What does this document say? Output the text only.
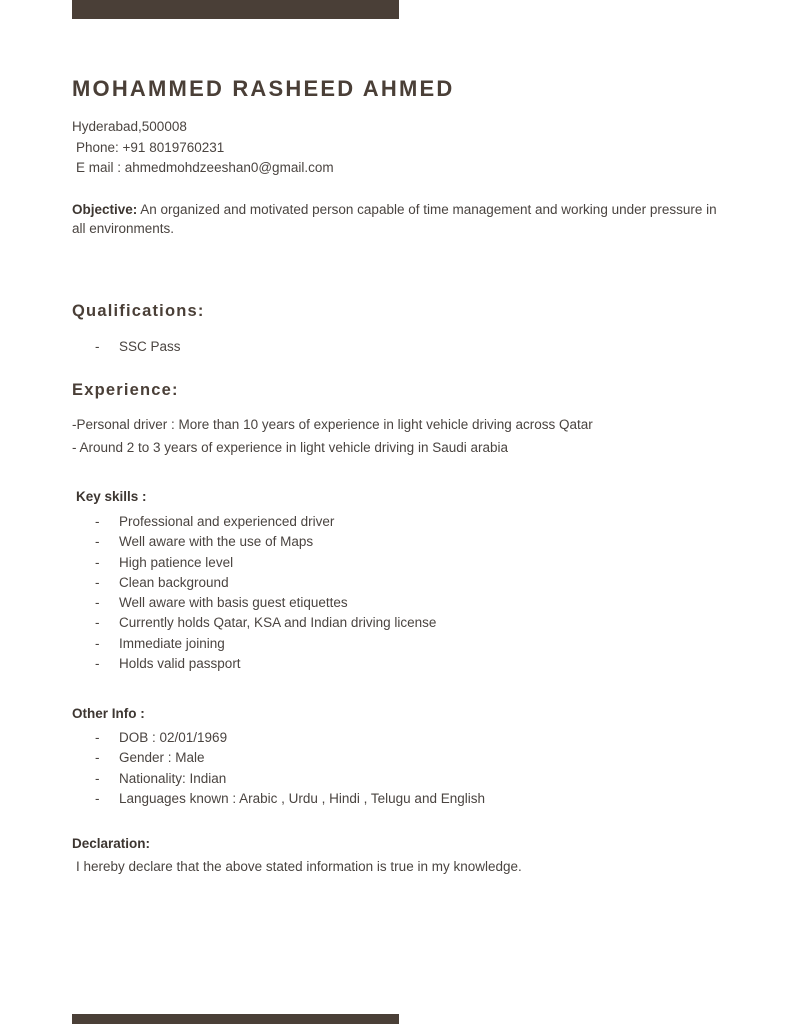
MOHAMMED RASHEED AHMED
Hyderabad,500008
Phone: +91 8019760231
E mail : ahmedmohdzeeshan0@gmail.com

Objective: An organized and motivated person capable of time management and working under pressure in all environments.

Qualifications:
- SSC Pass
Experience:
-Personal driver : More than 10 years of experience in light vehicle driving across Qatar
- Around 2 to 3 years of experience in light vehicle driving in Saudi arabia
Key skills :
- Professional and experienced driver
- Well aware with the use of Maps
- High patience level
- Clean background
- Well aware with basis guest etiquettes
- Currently holds Qatar, KSA and Indian driving license
- Immediate joining
- Holds valid passport
Other Info :
- DOB : 02/01/1969
- Gender : Male
- Nationality: Indian
- Languages known : Arabic , Urdu , Hindi , Telugu and English
Declaration:
I hereby declare that the above stated information is true in my knowledge.
